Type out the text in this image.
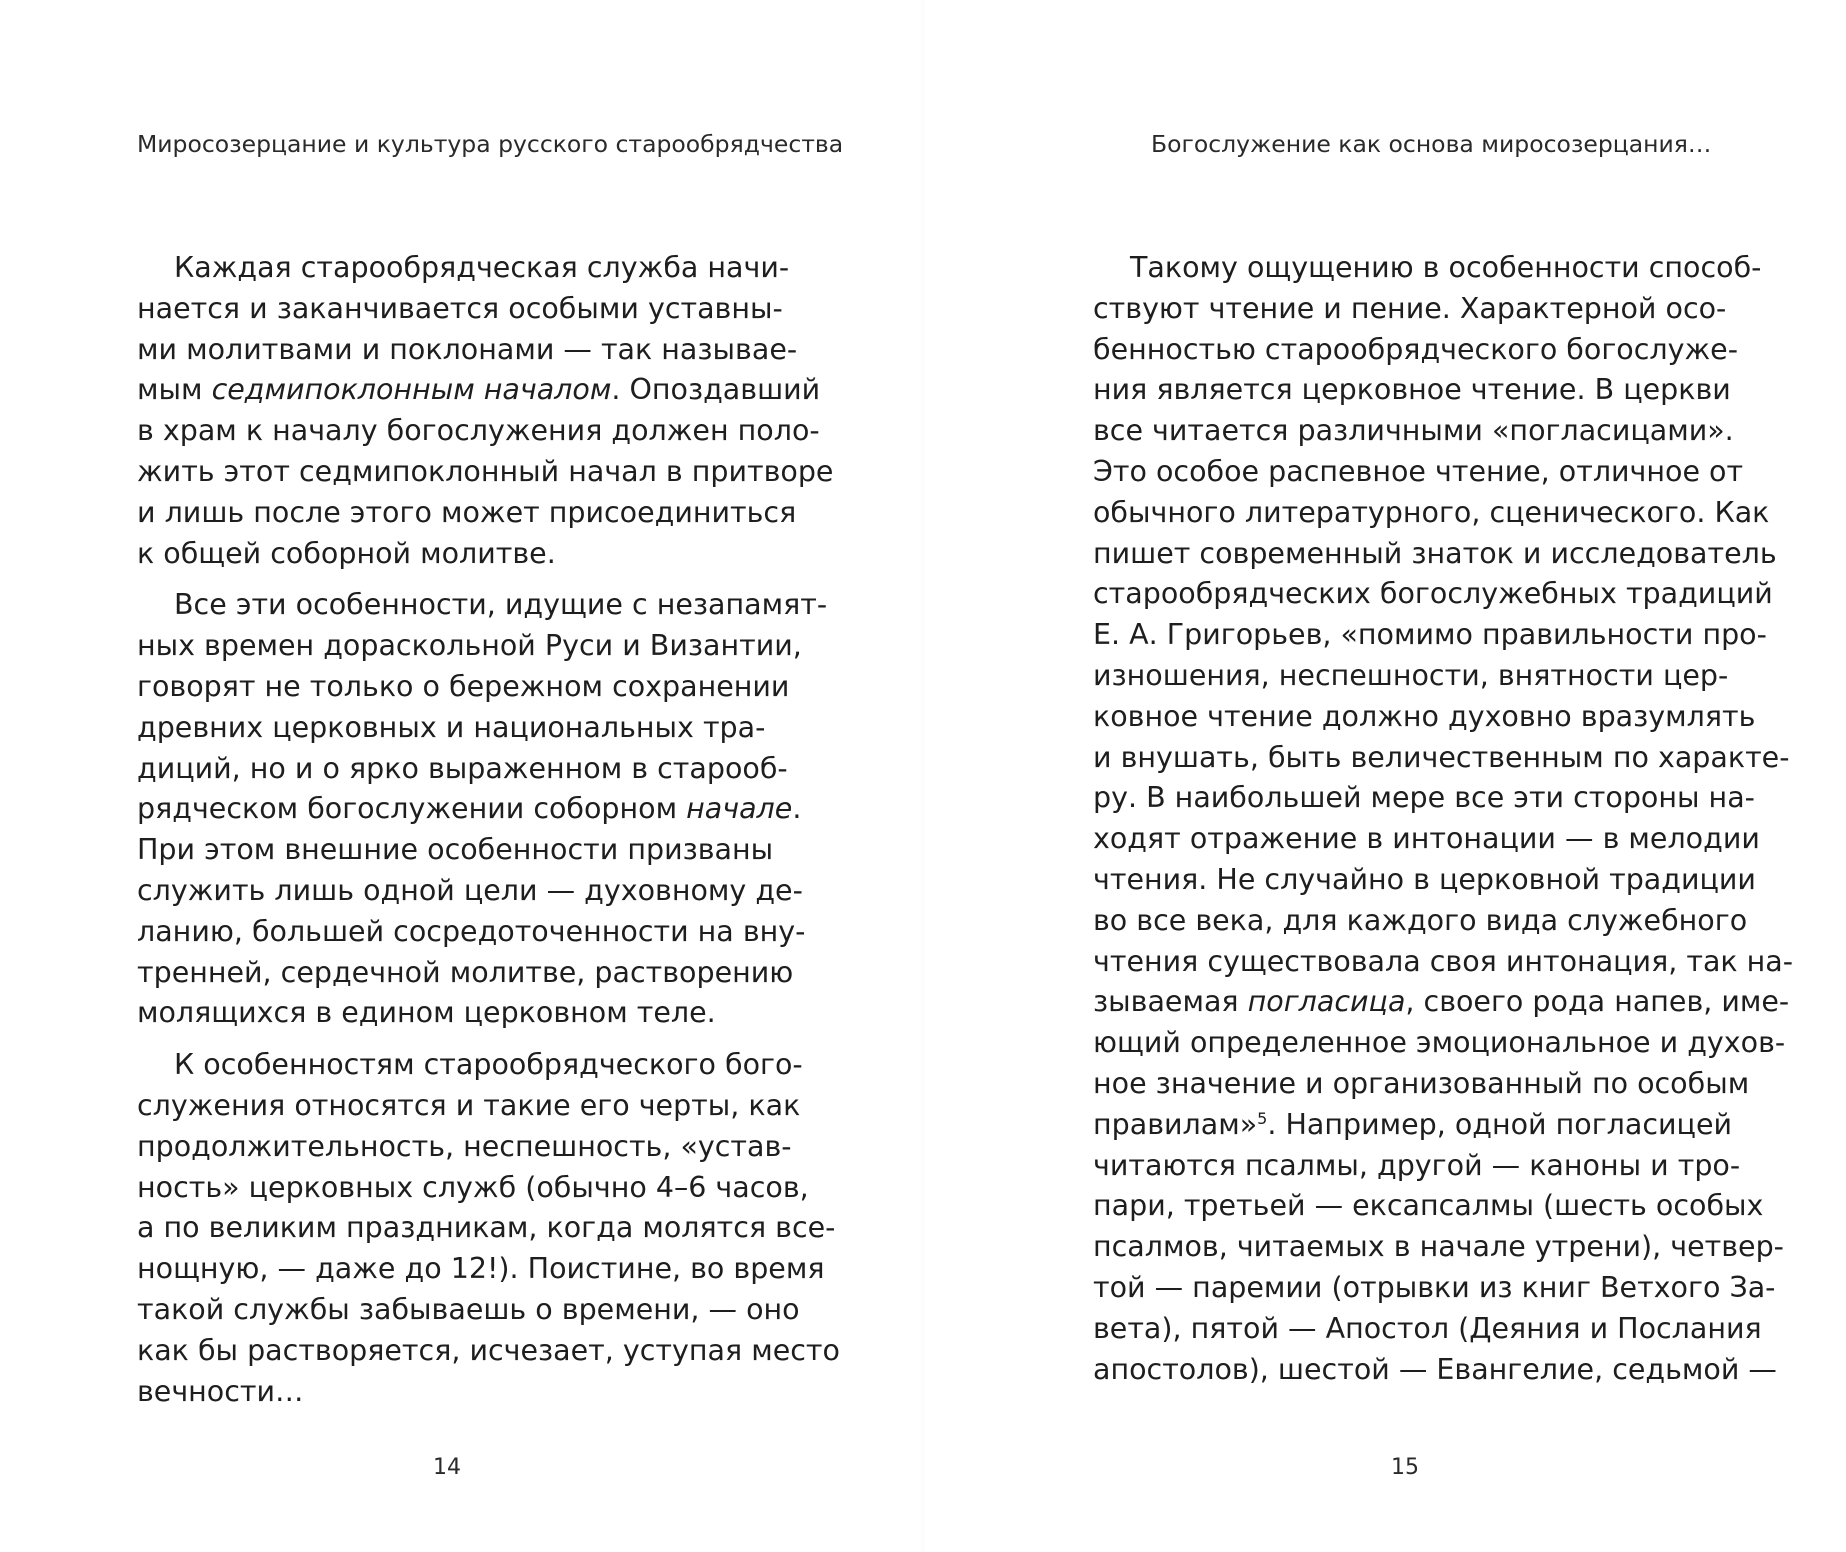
Миросозерцание и культура русского старообрядчества
Каждая старообрядческая служба начи-
нается и заканчивается особыми уставны-
ми молитвами и поклонами — так называе-
мым седмипоклонным началом. Опоздавший
в храм к началу богослужения должен поло-
жить этот седмипоклонный начал в притворе
и лишь после этого может присоединиться
к общей соборной молитве.
Все эти особенности, идущие с незапамят-
ных времен дораскольной Руси и Византии,
говорят не только о бережном сохранении
древних церковных и национальных тра-
диций, но и о ярко выраженном в старооб-
рядческом богослужении соборном начале.
При этом внешние особенности призваны
служить лишь одной цели — духовному де-
ланию, большей сосредоточенности на вну-
тренней, сердечной молитве, растворению
молящихся в едином церковном теле.
К особенностям старообрядческого бого-
служения относятся и такие его черты, как
продолжительность, неспешность, «устав-
ность» церковных служб (обычно 4–6 часов,
а по великим праздникам, когда молятся все-
нощную, — даже до 12!). Поистине, во время
такой службы забываешь о времени, — оно
как бы растворяется, исчезает, уступая место
вечности…
14
Богослужение как основа миросозерцания…
Такому ощущению в особенности способ-
ствуют чтение и пение. Характерной осо-
бенностью старообрядческого богослуже-
ния является церковное чтение. В церкви
все читается различными «погласицами».
Это особое распевное чтение, отличное от
обычного литературного, сценического. Как
пишет современный знаток и исследователь
старообрядческих богослужебных традиций
Е. А. Григорьев, «помимо правильности про-
изношения, неспешности, внятности цер-
ковное чтение должно духовно вразумлять
и внушать, быть величественным по характе-
ру. В наибольшей мере все эти стороны на-
ходят отражение в интонации — в мелодии
чтения. Не случайно в церковной традиции
во все века, для каждого вида служебного
чтения существовала своя интонация, так на-
зываемая погласица, своего рода напев, име-
ющий определенное эмоциональное и духов-
ное значение и организованный по особым
правилам»$^5$. Например, одной погласицей
читаются псалмы, другой — каноны и тро-
пари, третьей — ексапсалмы (шесть особых
псалмов, читаемых в начале утрени), четвер-
той — паремии (отрывки из книг Ветхого За-
вета), пятой — Апостол (Деяния и Послания
апостолов), шестой — Евангелие, седьмой —
15
